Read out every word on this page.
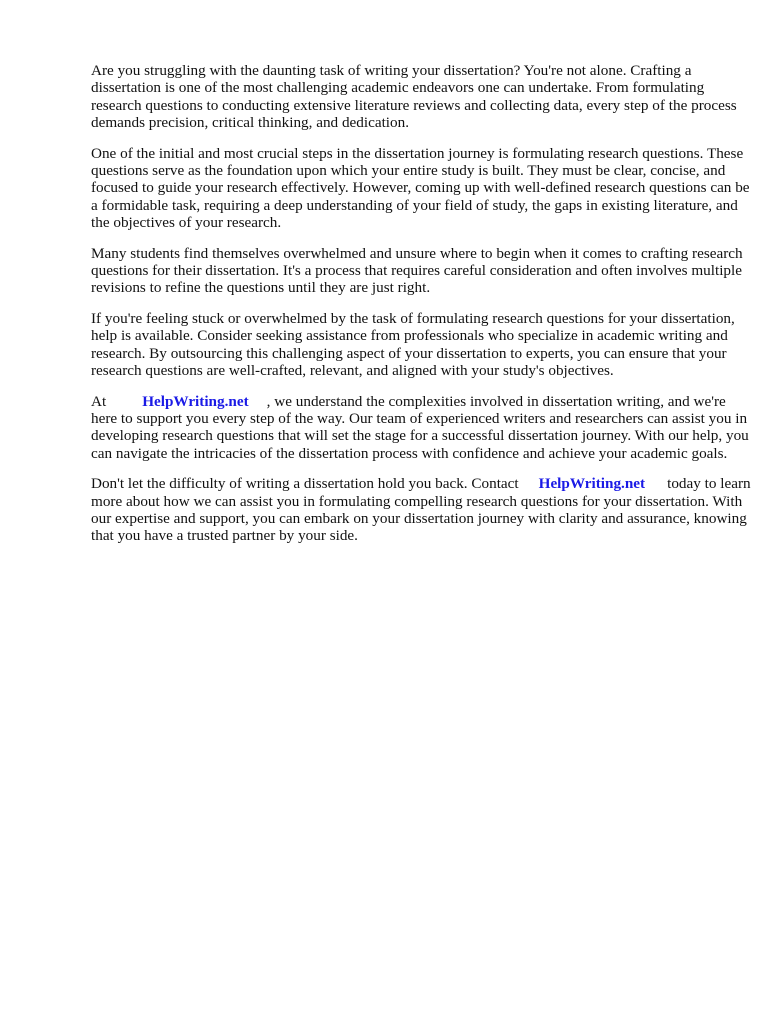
Are you struggling with the daunting task of writing your dissertation? You're not alone. Crafting a dissertation is one of the most challenging academic endeavors one can undertake. From formulating research questions to conducting extensive literature reviews and collecting data, every step of the process demands precision, critical thinking, and dedication.

One of the initial and most crucial steps in the dissertation journey is formulating research questions. These questions serve as the foundation upon which your entire study is built. They must be clear, concise, and focused to guide your research effectively. However, coming up with well-defined research questions can be a formidable task, requiring a deep understanding of your field of study, the gaps in existing literature, and the objectives of your research.

Many students find themselves overwhelmed and unsure where to begin when it comes to crafting research questions for their dissertation. It's a process that requires careful consideration and often involves multiple revisions to refine the questions until they are just right.

If you're feeling stuck or overwhelmed by the task of formulating research questions for your dissertation, help is available. Consider seeking assistance from professionals who specialize in academic writing and research. By outsourcing this challenging aspect of your dissertation to experts, you can ensure that your research questions are well-crafted, relevant, and aligned with your study's objectives.

At HelpWriting.net , we understand the complexities involved in dissertation writing, and we're here to support you every step of the way. Our team of experienced writers and researchers can assist you in developing research questions that will set the stage for a successful dissertation journey. With our help, you can navigate the intricacies of the dissertation process with confidence and achieve your academic goals.

Don't let the difficulty of writing a dissertation hold you back. Contact HelpWriting.net today to learn more about how we can assist you in formulating compelling research questions for your dissertation. With our expertise and support, you can embark on your dissertation journey with clarity and assurance, knowing that you have a trusted partner by your side.
